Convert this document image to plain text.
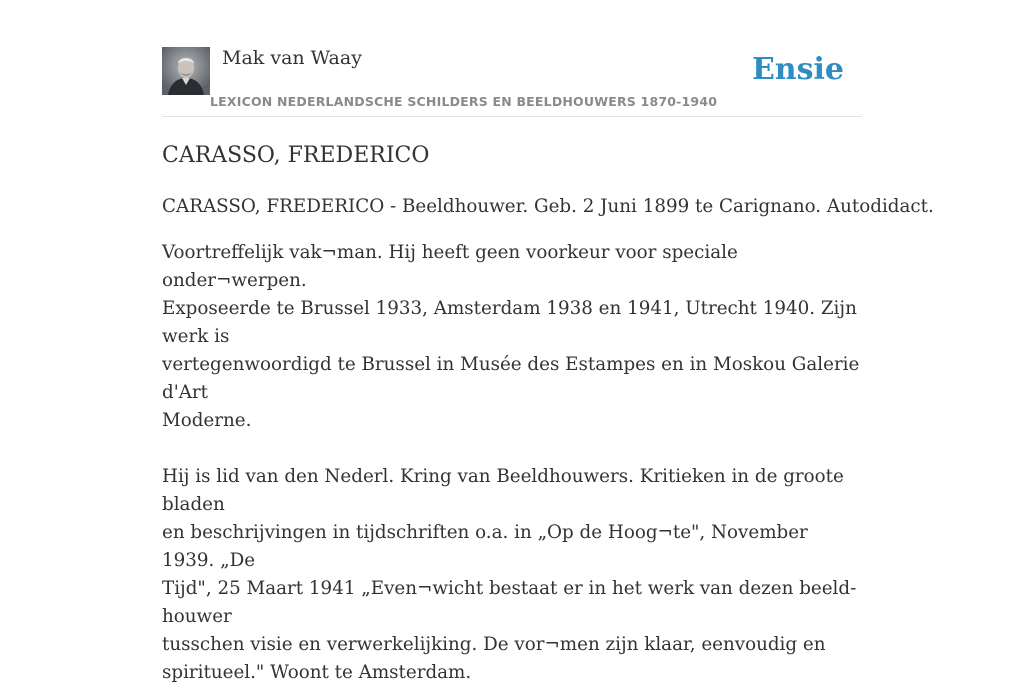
Mak van Waay
LEXICON NEDERLANDSCHE SCHILDERS EN BEELDHOUWERS 1870-1940
Ensie
CARASSO, FREDERICO
CARASSO, FREDERICO - Beeldhouwer. Geb. 2 Juni 1899 te Carignano. Autodidact.
Voortreffelijk vak¬man. Hij heeft geen voorkeur voor speciale onder¬werpen.
Exposeerde te Brussel 1933, Amsterdam 1938 en 1941, Utrecht 1940. Zijn werk is
vertegenwoordigd te Brussel in Musée des Estampes en in Moskou Galerie d'Art
Moderne.

Hij is lid van den Nederl. Kring van Beeldhouwers. Kritieken in de groote bladen
en beschrijvingen in tijdschriften o.a. in „Op de Hoog¬te", November 1939. „De
Tijd", 25 Maart 1941 „Even¬wicht bestaat er in het werk van dezen beeld-houwer
tusschen visie en verwerkelijking. De vor¬men zijn klaar, eenvoudig en
spiritueel." Woont te Amsterdam.
